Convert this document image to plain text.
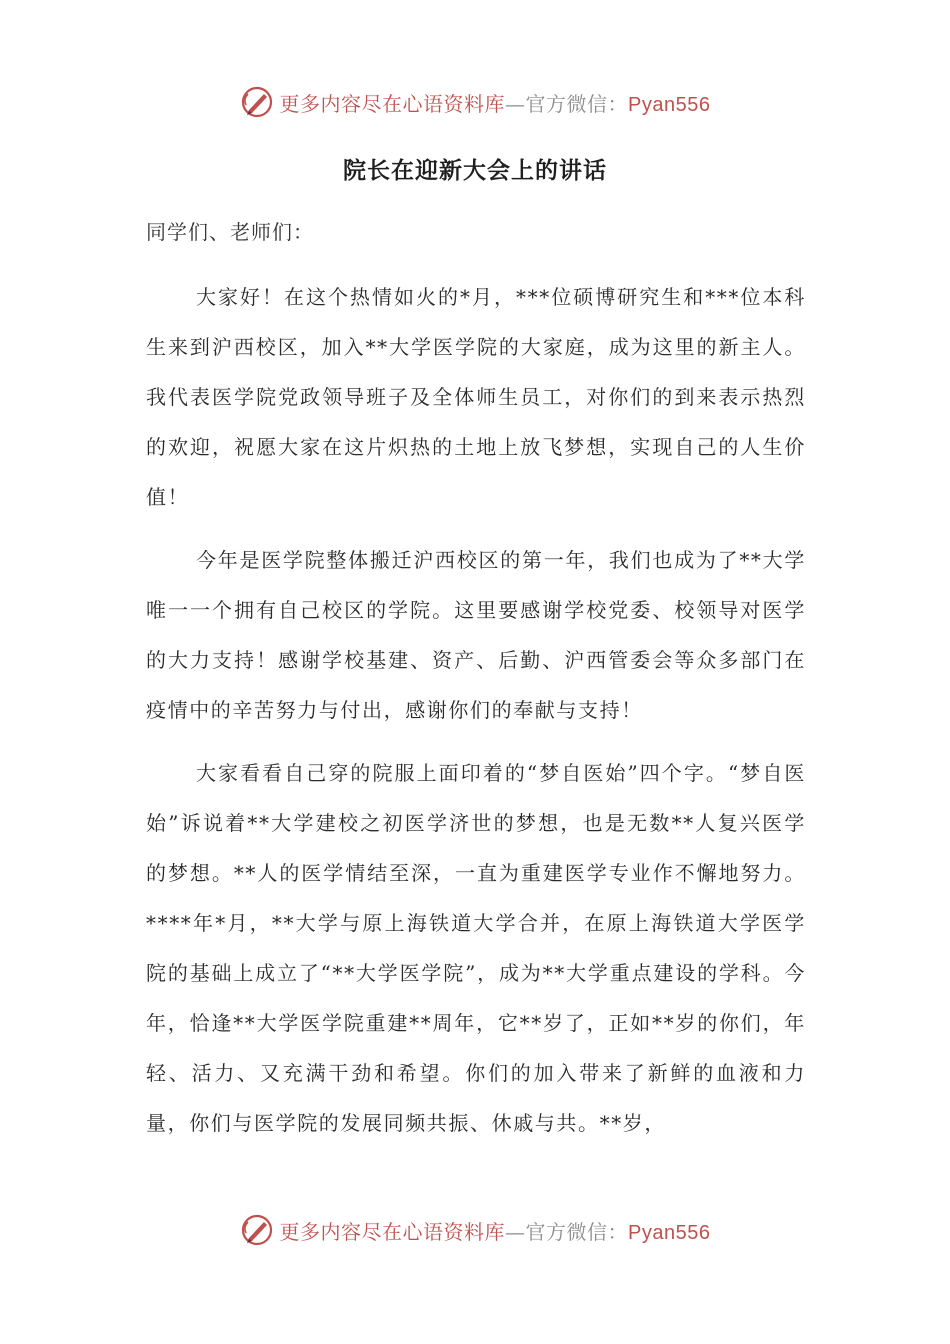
更多内容尽在心语资料库—官方微信：Pyan556
院长在迎新大会上的讲话
同学们、老师们：

大家好！在这个热情如火的*月，***位硕博研究生和***位本科生来到沪西校区，加入**大学医学院的大家庭，成为这里的新主人。我代表医学院党政领导班子及全体师生员工，对你们的到来表示热烈的欢迎，祝愿大家在这片炽热的土地上放飞梦想，实现自己的人生价值！

今年是医学院整体搬迁沪西校区的第一年，我们也成为了**大学唯一一个拥有自己校区的学院。这里要感谢学校党委、校领导对医学的大力支持！感谢学校基建、资产、后勤、沪西管委会等众多部门在疫情中的辛苦努力与付出，感谢你们的奉献与支持！

大家看看自己穿的院服上面印着的“梦自医始”四个字。“梦自医始”诉说着**大学建校之初医学济世的梦想，也是无数**人复兴医学的梦想。**人的医学情结至深，一直为重建医学专业作不懈地努力。****年*月，**大学与原上海铁道大学合并，在原上海铁道大学医学院的基础上成立了“**大学医学院”，成为**大学重点建设的学科。今年，恰逢**大学医学院重建**周年，它**岁了，正如**岁的你们，年轻、活力、又充满干劲和希望。你们的加入带来了新鲜的血液和力量，你们与医学院的发展同频共振、休戚与共。**岁，

更多内容尽在心语资料库—官方微信：Pyan556
